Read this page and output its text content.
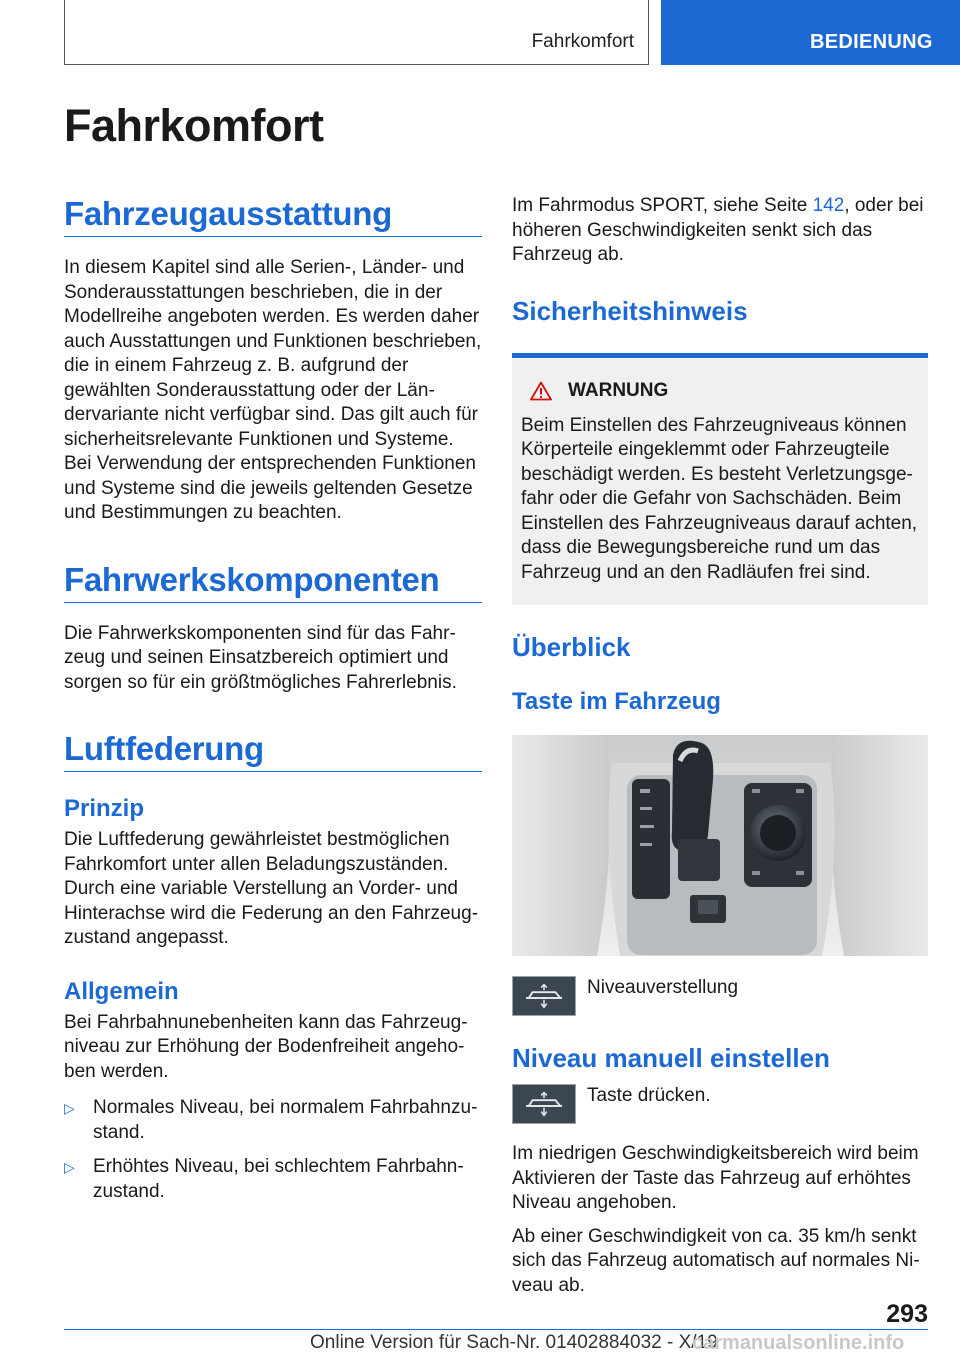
Fahrkomfort	BEDIENUNG
Fahrkomfort
Fahrzeugausstattung

In diesem Kapitel sind alle Serien-, Länder- und Sonderausstattungen beschrieben, die in der Modellreihe angeboten werden. Es werden daher auch Ausstattungen und Funktionen beschrieben, die in einem Fahrzeug z. B. aufgrund der gewählten Sonderausstattung oder der Ländervariante nicht verfügbar sind. Das gilt auch für sicherheitsrelevante Funktionen und Systeme. Bei Verwendung der entsprechenden Funktionen und Systeme sind die jeweils geltenden Gesetze und Bestimmungen zu beachten.

Fahrwerkskomponenten

Die Fahrwerkskomponenten sind für das Fahrzeug und seinen Einsatzbereich optimiert und sorgen so für ein größtmögliches Fahrerlebnis.

Luftfederung
Prinzip

Die Luftfederung gewährleistet bestmöglichen Fahrkomfort unter allen Beladungszuständen. Durch eine variable Verstellung an Vorder- und Hinterachse wird die Federung an den Fahrzeugzustand angepasst.

Allgemein

Bei Fahrbahnunebenheiten kann das Fahrzeugniveau zur Erhöhung der Bodenfreiheit angehoben werden.

▷ Normales Niveau, bei normalem Fahrbahnzustand.
▷ Erhöhtes Niveau, bei schlechtem Fahrbahnzustand.

Im Fahrmodus SPORT, siehe Seite 142, oder bei höheren Geschwindigkeiten senkt sich das Fahrzeug ab.

Sicherheitshinweis
WARNUNG

Beim Einstellen des Fahrzeugniveaus können Körperteile eingeklemmt oder Fahrzeugteile beschädigt werden. Es besteht Verletzungsgefahr oder die Gefahr von Sachschäden. Beim Einstellen des Fahrzeugniveaus darauf achten, dass die Bewegungsbereiche rund um das Fahrzeug und an den Radläufen frei sind.

Überblick
Taste im Fahrzeug
Niveauverstellung
Niveau manuell einstellen
Taste drücken.

Im niedrigen Geschwindigkeitsbereich wird beim Aktivieren der Taste das Fahrzeug auf erhöhtes Niveau angehoben.

Ab einer Geschwindigkeit von ca. 35 km/h senkt sich das Fahrzeug automatisch auf normales Niveau ab.

293
Online Version für Sach-Nr. 01402884032 - X/19
carmanualsonline.info
